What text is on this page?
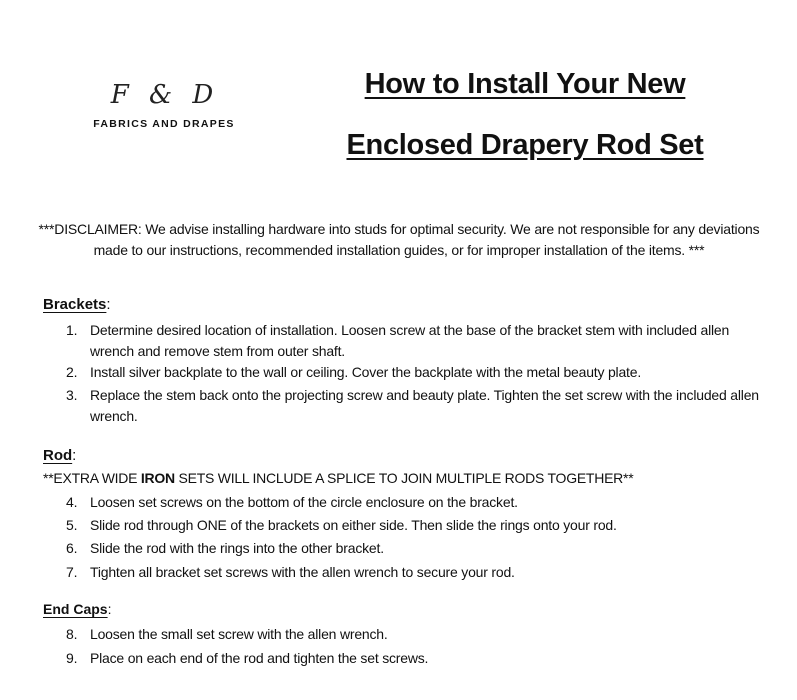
F & D
FABRICS AND DRAPES
How to Install Your New
Enclosed Drapery Rod Set
***DISCLAIMER: We advise installing hardware into studs for optimal security. We are not responsible for any deviations made to our instructions, recommended installation guides, or for improper installation of the items. ***
Brackets:
1. Determine desired location of installation. Loosen screw at the base of the bracket stem with included allen wrench and remove stem from outer shaft.
2. Install silver backplate to the wall or ceiling. Cover the backplate with the metal beauty plate.
3. Replace the stem back onto the projecting screw and beauty plate. Tighten the set screw with the included allen wrench.
Rod:
**EXTRA WIDE IRON SETS WILL INCLUDE A SPLICE TO JOIN MULTIPLE RODS TOGETHER**
4. Loosen set screws on the bottom of the circle enclosure on the bracket.
5. Slide rod through ONE of the brackets on either side. Then slide the rings onto your rod.
6. Slide the rod with the rings into the other bracket.
7. Tighten all bracket set screws with the allen wrench to secure your rod.
End Caps:
8. Loosen the small set screw with the allen wrench.
9. Place on each end of the rod and tighten the set screws.
